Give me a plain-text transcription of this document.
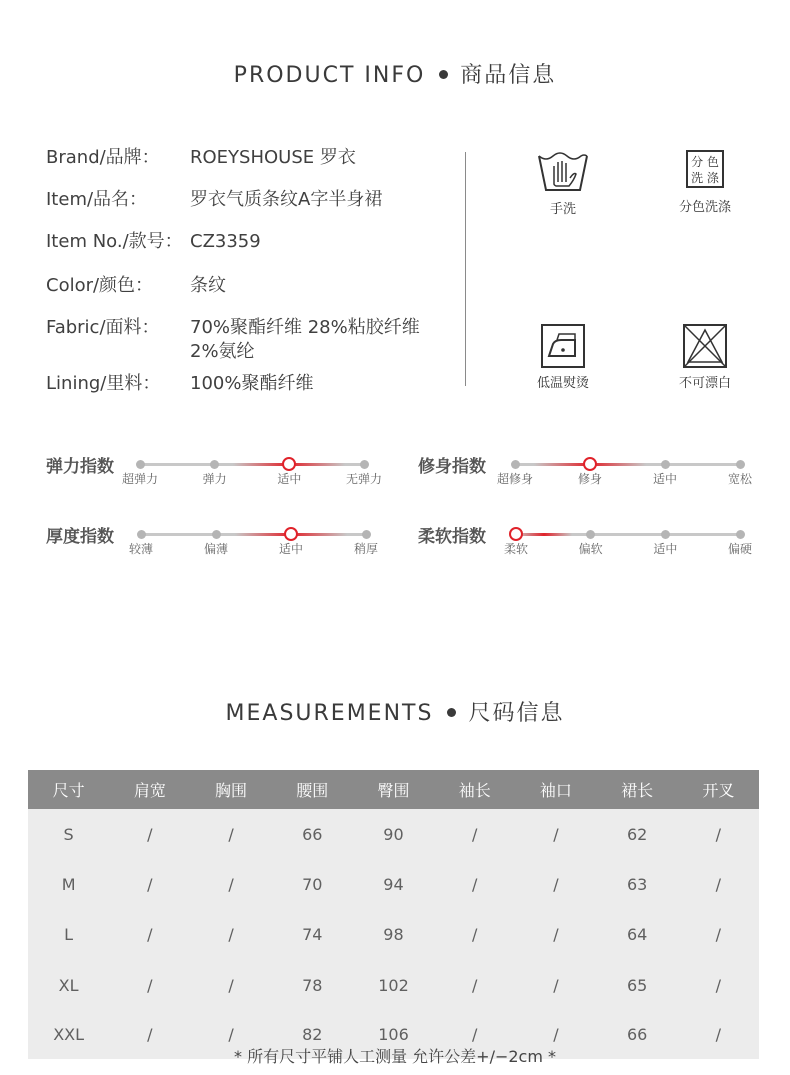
PRODUCT INFO 商品信息
Brand/品牌： ROEYSHOUSE 罗衣
Item/品名： 罗衣气质条纹A字半身裙
Item No./款号： CZ3359
Color/颜色： 条纹
Fabric/面料： 70%聚酯纤维 28%粘胶纤维
2%氨纶
Lining/里料： 100%聚酯纤维
手洗
分 色
洗 涤
分色洗涤
低温熨烫	不可漂白
弹力指数
超弹力	弹力	适中	无弹力
修身指数
超修身	修身	适中	宽松
厚度指数
较薄	偏薄	适中	稍厚
柔软指数
柔软	偏软	适中	偏硬
MEASUREMENTS 尺码信息
尺寸	肩宽	胸围	腰围	臀围	袖长	袖口	裙长	开叉
S	/	/	66	90	/	/	62	/
M	/	/	70	94	/	/	63	/
L	/	/	74	98	/	/	64	/
XL	/	/	78	102	/	/	65	/
XXL	/	/	82	106	/	/	66	/
* 所有尺寸平铺人工测量 允许公差+/−2cm *
